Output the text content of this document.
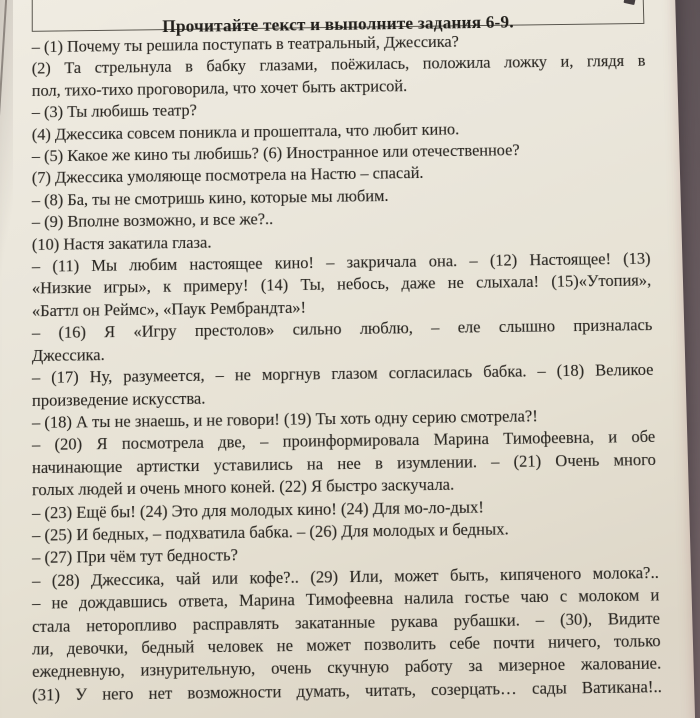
Прочитайте текст и выполните задания 6-9.
– (1) Почему ты решила поступать в театральный, Джессика?
(2) Та стрельнула в бабку глазами, поёжилась, положила ложку и, глядя в
пол, тихо-тихо проговорила, что хочет быть актрисой.
– (3) Ты любишь театр?
(4) Джессика совсем поникла и прошептала, что любит кино.
– (5) Какое же кино ты любишь? (6) Иностранное или отечественное?
(7) Джессика умоляюще посмотрела на Настю – спасай.
– (8) Ба, ты не смотришь кино, которые мы любим.
– (9) Вполне возможно, и все же?..
(10) Настя закатила глаза.
– (11) Мы любим настоящее кино! – закричала она. – (12) Настоящее! (13)
«Низкие игры», к примеру! (14) Ты, небось, даже не слыхала! (15)«Утопия»,
«Баттл он Реймс», «Паук Рембрандта»!
– (16) Я «Игру престолов» сильно люблю, – еле слышно призналась
Джессика.
– (17) Ну, разумеется, – не моргнув глазом согласилась бабка. – (18) Великое
произведение искусства.
– (18) А ты не знаешь, и не говори! (19) Ты хоть одну серию смотрела?!
– (20) Я посмотрела две, – проинформировала Марина Тимофеевна, и обе
начинающие артистки уставились на нее в изумлении. – (21) Очень много
голых людей и очень много коней. (22) Я быстро заскучала.
– (23) Ещё бы! (24) Это для молодых кино! (24) Для мо-ло-дых!
– (25) И бедных, – подхватила бабка. – (26) Для молодых и бедных.
– (27) При чём тут бедность?
– (28) Джессика, чай или кофе?.. (29) Или, может быть, кипяченого молока?..
– не дождавшись ответа, Марина Тимофеевна налила гостье чаю с молоком и
стала неторопливо расправлять закатанные рукава рубашки. – (30), Видите
ли, девочки, бедный человек не может позволить себе почти ничего, только
ежедневную, изнурительную, очень скучную работу за мизерное жалование.
(31) У него нет возможности думать, читать, созерцать… сады Ватикана!..
